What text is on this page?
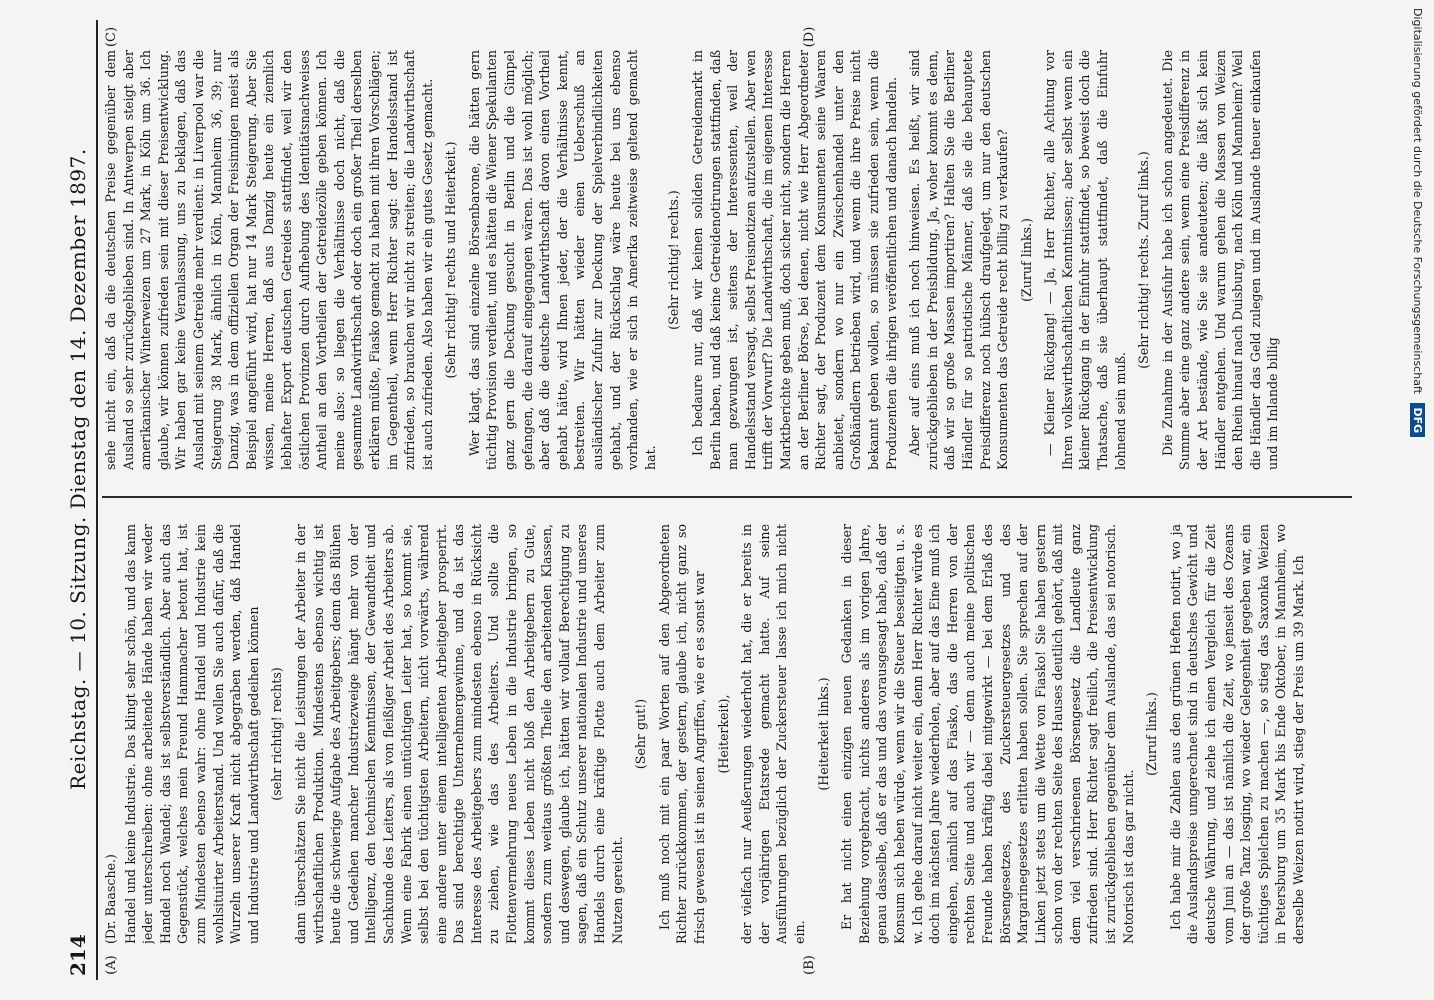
214
Reichstag. — 10. Sitzung. Dienstag den 14. Dezember 1897.
(A)	(B)
(C)	(D)
(Dr. Baasche.) Handel und keine Industrie. Das klingt sehr schön, und das kann jeder unterschreiben: ohne arbeitende Hände haben wir weder Handel noch Wandel; das ist selbstverständlich. Aber auch das Gegenstück, welches mein Freund Hammacher betont hat, ist zum Mindesten ebenso wahr: ohne Handel und Industrie kein wohlsituirter Arbeiterstand. Und wollen Sie auch dafür, daß die Wurzeln unserer Kraft nicht abgegraben werden, daß Handel und Industrie und Landwirthschaft gedeihen können (sehr richtig! rechts) dann überschätzen Sie nicht die Leistungen der Arbeiter in der wirthschaftlichen Produktion. Mindestens ebenso wichtig ist heute die schwierige Aufgabe des Arbeitgebers; denn das Blühen und Gedeihen mancher Industriezweige hängt mehr von der Intelligenz, den technischen Kenntnissen, der Gewandtheit und Sachkunde des Leiters, als von fleißiger Arbeit des Arbeiters ab. Wenn eine Fabrik einen untüchtigen Leiter hat, so kommt sie, selbst bei den tüchtigsten Arbeitern, nicht vorwärts, während eine andere unter einem intelligenten Arbeitgeber prosperirt. Das sind berechtigte Unternehmergewinne, und da ist das Interesse des Arbeitgebers zum mindesten ebenso in Rücksicht zu ziehen, wie das des Arbeiters. Und sollte die Flottenvermehrung neues Leben in die Industrie bringen, so kommt dieses Leben nicht bloß den Arbeitgebern zu Gute, sondern zum weitaus größten Theile den arbeitenden Klassen, und deswegen, glaube ich, hätten wir vollauf Berechtigung zu sagen, daß ein Schutz unserer nationalen Industrie und unseres Handels durch eine kräftige Flotte auch dem Arbeiter zum Nutzen gereicht.

(Sehr gut!) Ich muß noch mit ein paar Worten auf den Abgeordneten Richter zurückkommen, der gestern, glaube ich, nicht ganz so frisch gewesen ist in seinen Angriffen, wie er es sonst war (Heiterkeit), der vielfach nur Aeußerungen wiederholt hat, die er bereits in der vorjährigen Etatsrede gemacht hatte. Auf seine Ausführungen bezüglich der Zuckersteuer lasse ich mich nicht ein.

(Heiterkeit links.) Er hat nicht einen einzigen neuen Gedanken in dieser Beziehung vorgebracht, nichts anderes als im vorigen Jahre, genau dasselbe, daß er das und das vorausgesagt habe, daß der Konsum sich heben würde, wenn wir die Steuer beseitigten u. s. w. Ich gehe darauf nicht weiter ein, denn Herr Richter würde es doch im nächsten Jahre wiederholen, aber auf das Eine muß ich eingehen, nämlich auf das Fiasko, das die Herren von der rechten Seite und auch wir — denn auch meine politischen Freunde haben kräftig dabei mitgewirkt — bei dem Erlaß des Börsengesetzes, des Zuckersteuergesetzes und des Margarinegesetzes erlitten haben sollen. Sie sprechen auf der Linken jetzt stets um die Wette von Fiasko! Sie haben gestern schon von der rechten Seite des Hauses deutlich gehört, daß mit dem viel verschrieenen Börsengesetz die Landleute ganz zufrieden sind. Herr Richter sagt freilich, die Preisentwicklung ist zurückgeblieben gegenüber dem Auslande, das sei notorisch. Notorisch ist das gar nicht.

(Zuruf links.) Ich habe mir die Zahlen aus den grünen Heften notirt, wo ja die Auslandspreise umgerechnet sind in deutsches Gewicht und deutsche Währung, und ziehe ich einen Vergleich für die Zeit vom Juni an — das ist nämlich die Zeit, wo jenseit des Ozeans der große Tanz losging, wo wieder Gelegenheit gegeben war, ein tüchtiges Spielchen zu machen —, so stieg das Saxonka Weizen in Petersburg um 35 Mark bis Ende Oktober, in Mannheim, wo derselbe Weizen notirt wird, stieg der Preis um 39 Mark. Ich

sehe nicht ein, daß da die deutschen Preise gegenüber dem Ausland so sehr zurückgeblieben sind. In Antwerpen steigt aber amerikanischer Winterweizen um 27 Mark, in Köln um 36. Ich glaube, wir können zufrieden sein mit dieser Preisentwicklung. Wir haben gar keine Veranlassung, uns zu beklagen, daß das Ausland mit seinem Getreide mehr verdient: in Liverpool war die Steigerung 38 Mark, ähnlich in Köln, Mannheim 36, 39; nur Danzig, was in dem offiziellen Organ der Freisinnigen meist als Beispiel angeführt wird, hat nur 14 Mark Steigerung. Aber Sie wissen, meine Herren, daß aus Danzig heute ein ziemlich lebhafter Export deutschen Getreides stattfindet, weil wir den östlichen Provinzen durch Aufhebung des Identitätsnachweises Antheil an den Vortheilen der Getreidezölle geben können. Ich meine also: so liegen die Verhältnisse doch nicht, daß die gesammte Landwirthschaft oder doch ein großer Theil derselben erklären müßte, Fiasko gemacht zu haben mit ihren Vorschlägen; im Gegentheil, wenn Herr Richter sagt: der Handelsstand ist zufrieden, so brauchen wir nicht zu streiten; die Landwirthschaft ist auch zufrieden. Also haben wir ein gutes Gesetz gemacht. (Sehr richtig! rechts und Heiterkeit.) Wer klagt, das sind einzelne Börsenbarone, die hätten gern tüchtig Provision verdient, und es hätten die Wiener Spekulanten ganz gern die Deckung gesucht in Berlin und die Gimpel gefangen, die darauf eingegangen wären. Das ist wohl möglich; aber daß die deutsche Landwirthschaft davon einen Vortheil gehabt hätte, wird Ihnen jeder, der die Verhältnisse kennt, bestreiten. Wir hätten wieder einen Ueberschuß an ausländischer Zufuhr zur Deckung der Spielverbindlichkeiten gehabt, und der Rückschlag wäre heute bei uns ebenso vorhanden, wie er sich in Amerika zeitweise geltend gemacht hat.

(Sehr richtig! rechts.) Ich bedaure nur, daß wir keinen soliden Getreidemarkt in Berlin haben, und daß keine Getreidenotirungen stattfinden, daß man gezwungen ist, seitens der Interessenten, weil der Handelsstand versagt, selbst Preisnotizen aufzustellen. Aber wen trifft der Vorwurf? Die Landwirthschaft, die im eigenen Interesse Marktberichte geben muß, doch sicher nicht, sondern die Herren an der Berliner Börse, bei denen, nicht wie Herr Abgeordneter Richter sagt, der Produzent dem Konsumenten seine Waaren anbietet, sondern wo nur ein Zwischenhandel unter den Großhändlern betrieben wird, und wenn die ihre Preise nicht bekannt geben wollen, so müssen sie zufrieden sein, wenn die Produzenten die ihrigen veröffentlichen und danach handeln. Aber auf eins muß ich noch hinweisen. Es heißt, wir sind zurückgeblieben in der Preisbildung. Ja, woher kommt es denn, daß wir so große Massen importiren? Halten Sie die Berliner Händler für so patriotische Männer, daß sie die behauptete Preisdifferenz noch hübsch draufgelegt, um nur den deutschen Konsumenten das Getreide recht billig zu verkaufen? (Zuruf links.) — Kleiner Rückgang! — Ja, Herr Richter, alle Achtung vor Ihren volkswirthschaftlichen Kenntnissen; aber selbst wenn ein kleiner Rückgang in der Einfuhr stattfindet, so beweist doch die Thatsache, daß sie überhaupt stattfindet, daß die Einfuhr lohnend sein muß.

(Sehr richtig! rechts. Zuruf links.) Die Zunahme in der Ausfuhr habe ich schon angedeutet. Die Summe aber eine ganz andere sein, wenn eine Preisdifferenz in der Art bestände, wie Sie sie andeuteten; die läßt sich kein Händler entgehen. Und warum gehen die Massen von Weizen den Rhein hinauf nach Duisburg, nach Köln und Mannheim? Weil die Händler das Geld zulegen und im Auslande theuer einkaufen und im Inlande billig

Digitalisierung gefördert durch die Deutsche Forschungsgemeinschaft DFG
